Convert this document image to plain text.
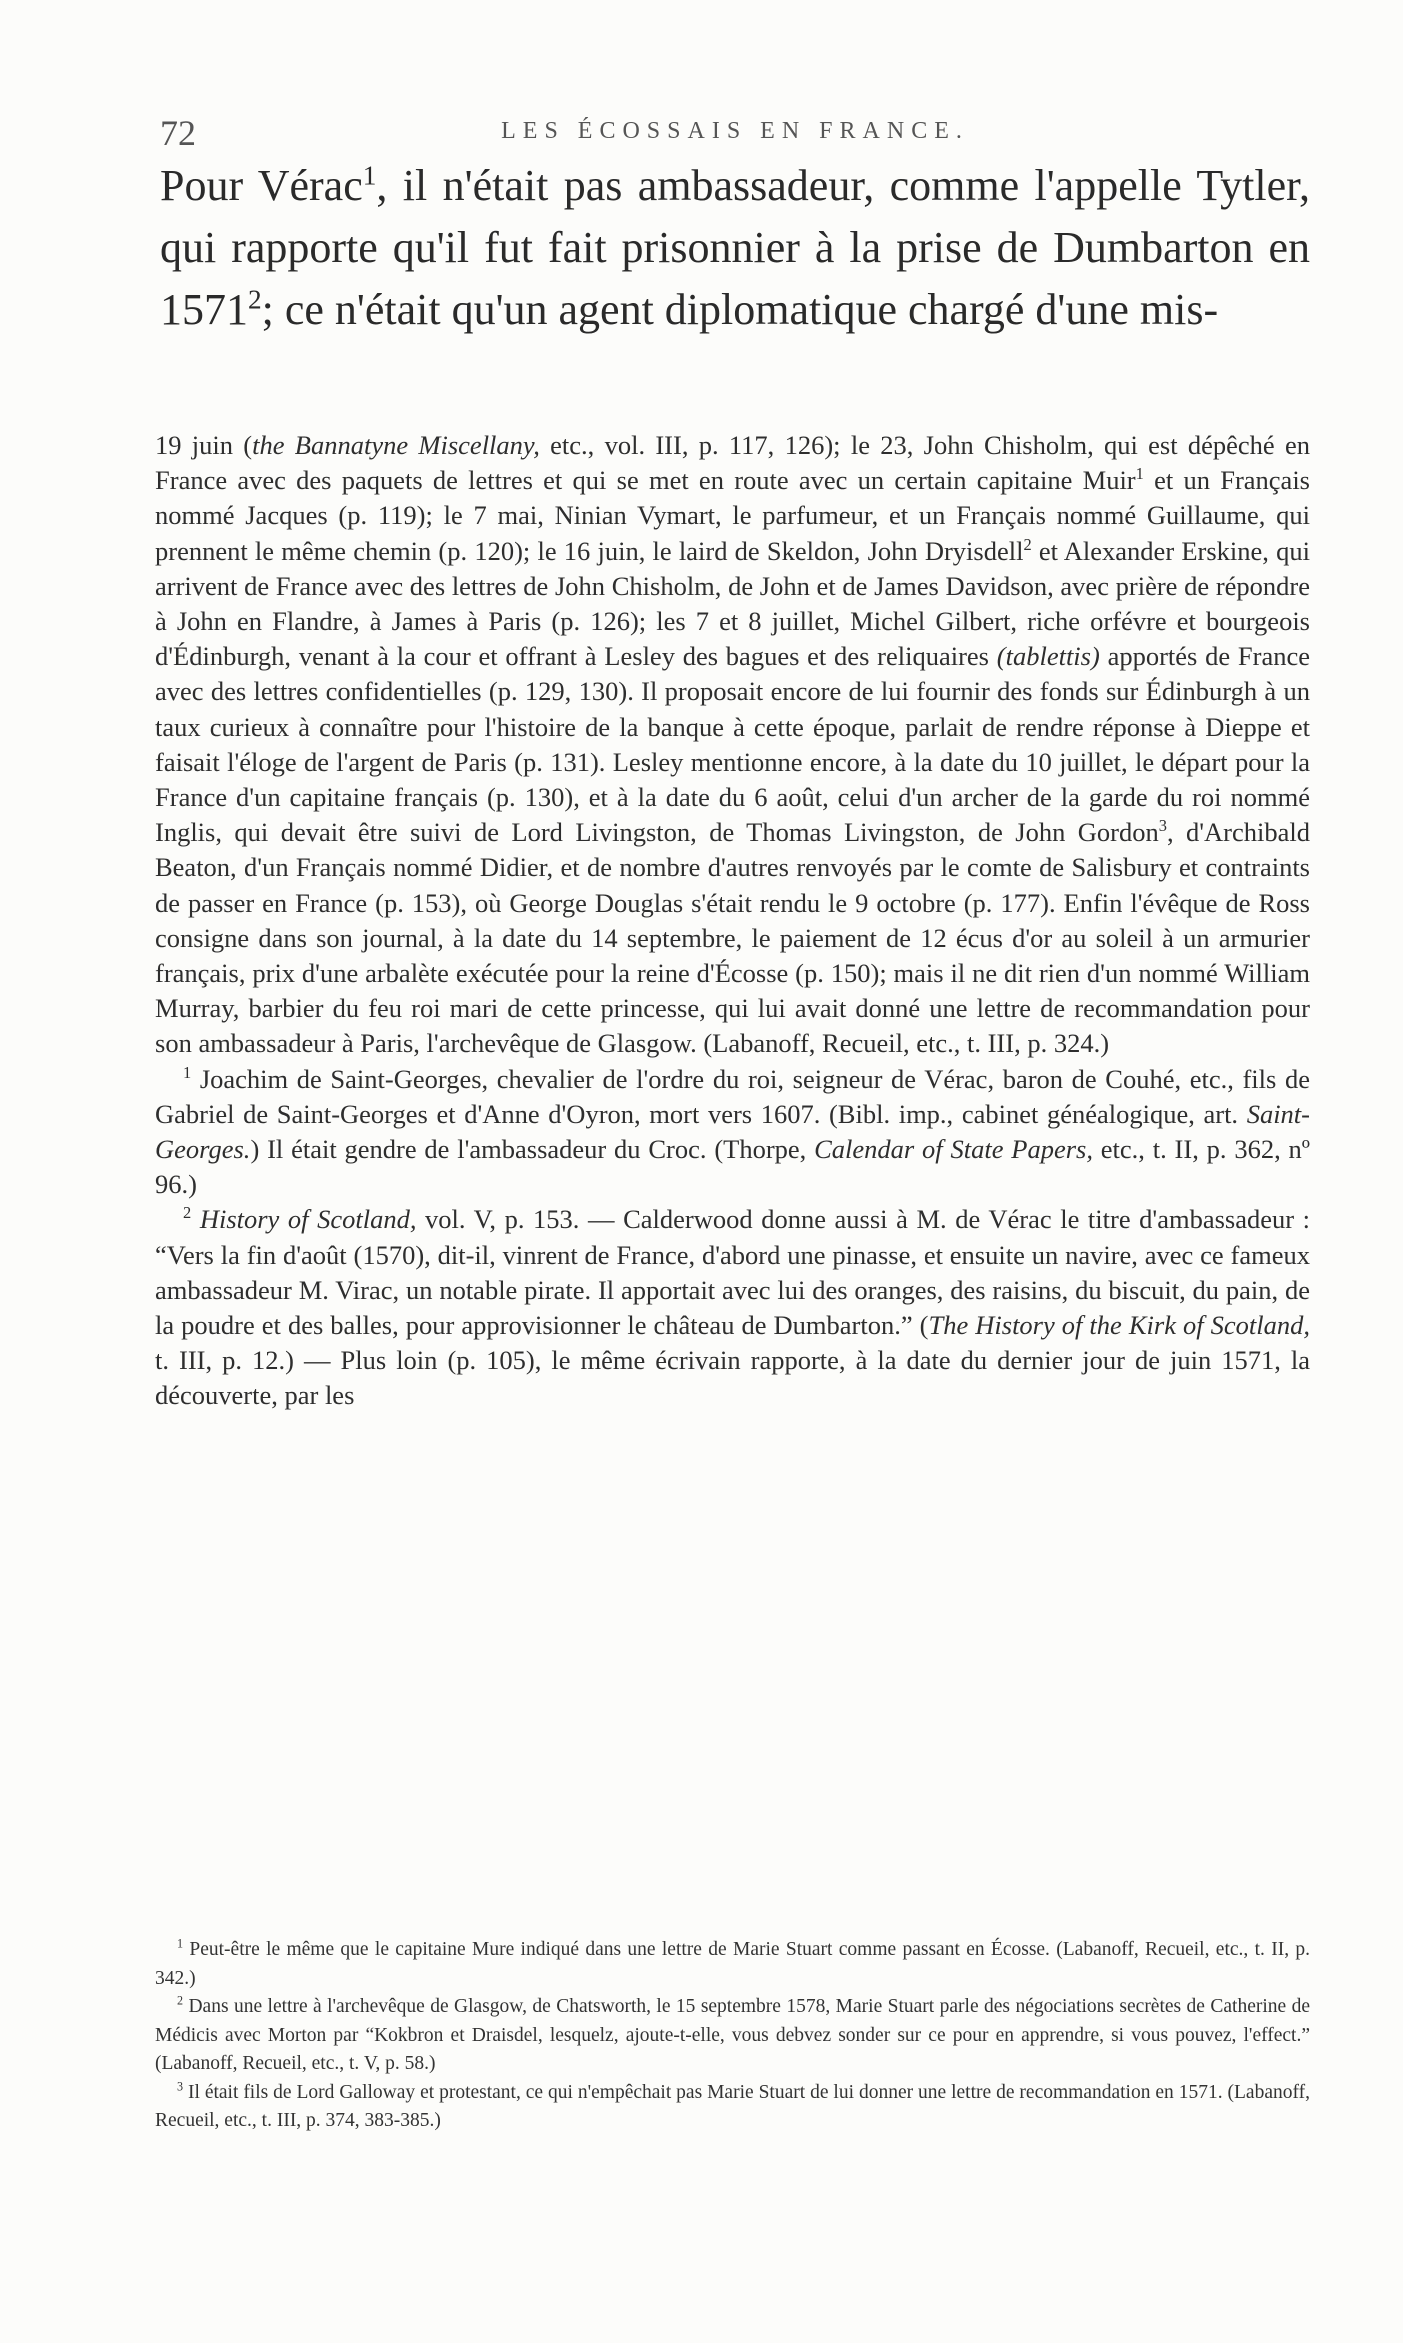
72	LES ÉCOSSAIS EN FRANCE.

Pour Vérac$^1$, il n'était pas ambassadeur, comme l'appelle Tytler, qui rapporte qu'il fut fait prisonnier à la prise de Dumbarton en 1571$^2$; ce n'était qu'un agent diplomatique chargé d'une mis-

19 juin (the Bannatyne Miscellany, etc., vol. III, p. 117, 126); le 23, John Chisholm, qui est dépêché en France avec des paquets de lettres et qui se met en route avec un certain capitaine Muir$^1$ et un Français nommé Jacques (p. 119); le 7 mai, Ninian Vymart, le parfumeur, et un Français nommé Guillaume, qui prennent le même chemin (p. 120); le 16 juin, le laird de Skeldon, John Dryisdell$^2$ et Alexander Erskine, qui arrivent de France avec des lettres de John Chisholm, de John et de James Davidson, avec prière de répondre à John en Flandre, à James à Paris (p. 126); les 7 et 8 juillet, Michel Gilbert, riche orfévre et bourgeois d'Édinburgh, venant à la cour et offrant à Lesley des bagues et des reliquaires (tablettis) apportés de France avec des lettres confidentielles (p. 129, 130). Il proposait encore de lui fournir des fonds sur Édinburgh à un taux curieux à connaître pour l'histoire de la banque à cette époque, parlait de rendre réponse à Dieppe et faisait l'éloge de l'argent de Paris (p. 131). Lesley mentionne encore, à la date du 10 juillet, le départ pour la France d'un capitaine français (p. 130), et à la date du 6 août, celui d'un archer de la garde du roi nommé Inglis, qui devait être suivi de Lord Livingston, de Thomas Livingston, de John Gordon$^3$, d'Archibald Beaton, d'un Français nommé Didier, et de nombre d'autres renvoyés par le comte de Salisbury et contraints de passer en France (p. 153), où George Douglas s'était rendu le 9 octobre (p. 177). Enfin l'évêque de Ross consigne dans son journal, à la date du 14 septembre, le paiement de 12 écus d'or au soleil à un armurier français, prix d'une arbalète exécutée pour la reine d'Écosse (p. 150); mais il ne dit rien d'un nommé William Murray, barbier du feu roi mari de cette princesse, qui lui avait donné une lettre de recommandation pour son ambassadeur à Paris, l'archevêque de Glasgow. (Labanoff, Recueil, etc., t. III, p. 324.)

$^1$ Joachim de Saint-Georges, chevalier de l'ordre du roi, seigneur de Vérac, baron de Couhé, etc., fils de Gabriel de Saint-Georges et d'Anne d'Oyron, mort vers 1607. (Bibl. imp., cabinet généalogique, art. Saint-Georges.) Il était gendre de l'ambassadeur du Croc. (Thorpe, Calendar of State Papers, etc., t. II, p. 362, nº 96.)

$^2$ History of Scotland, vol. V, p. 153. — Calderwood donne aussi à M. de Vérac le titre d'ambassadeur : “Vers la fin d'août (1570), dit-il, vinrent de France, d'abord une pinasse, et ensuite un navire, avec ce fameux ambassadeur M. Virac, un notable pirate. Il apportait avec lui des oranges, des raisins, du biscuit, du pain, de la poudre et des balles, pour approvisionner le château de Dumbarton.” (The History of the Kirk of Scotland, t. III, p. 12.) — Plus loin (p. 105), le même écrivain rapporte, à la date du dernier jour de juin 1571, la découverte, par les

$^1$ Peut-être le même que le capitaine Mure indiqué dans une lettre de Marie Stuart comme passant en Écosse. (Labanoff, Recueil, etc., t. II, p. 342.)

$^2$ Dans une lettre à l'archevêque de Glasgow, de Chatsworth, le 15 septembre 1578, Marie Stuart parle des négociations secrètes de Catherine de Médicis avec Morton par “Kokbron et Draisdel, lesquelz, ajoute-t-elle, vous debvez sonder sur ce pour en apprendre, si vous pouvez, l'effect.” (Labanoff, Recueil, etc., t. V, p. 58.)

$^3$ Il était fils de Lord Galloway et protestant, ce qui n'empêchait pas Marie Stuart de lui donner une lettre de recommandation en 1571. (Labanoff, Recueil, etc., t. III, p. 374, 383-385.)
